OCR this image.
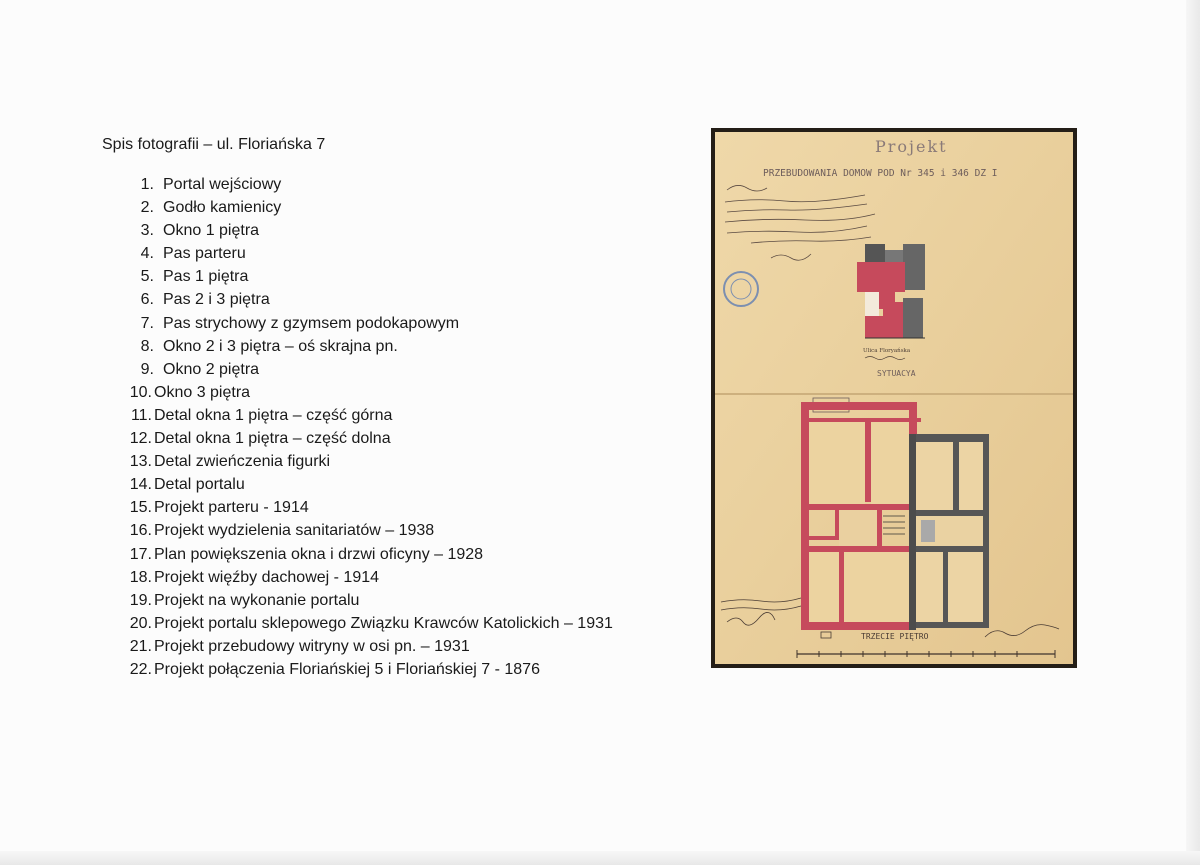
Spis fotografii – ul. Floriańska 7
1. Portal wejściowy
2. Godło kamienicy
3. Okno 1 piętra
4. Pas parteru
5. Pas 1 piętra
6. Pas 2 i 3 piętra
7. Pas strychowy z gzymsem podokapowym
8. Okno 2 i 3 piętra – oś skrajna pn.
9. Okno 2 piętra
10. Okno 3 piętra
11. Detal okna 1 piętra – część górna
12. Detal okna 1 piętra – część dolna
13. Detal zwieńczenia figurki
14. Detal portalu
15. Projekt parteru - 1914
16. Projekt wydzielenia sanitariatów – 1938
17. Plan powiększenia okna i drzwi oficyny – 1928
18. Projekt więźby dachowej - 1914
19. Projekt na wykonanie portalu
20. Projekt portalu sklepowego Związku Krawców Katolickich – 1931
21. Projekt przebudowy witryny w osi pn. – 1931
22. Projekt połączenia Floriańskiej 5 i Floriańskiej 7 - 1876
Projekt
PRZEBUDOWANIA DOMOW POD Nr 345 i 346 DZ I
Ulica Floryańska
SYTUACYA
TRZECIE PIĘTRO
